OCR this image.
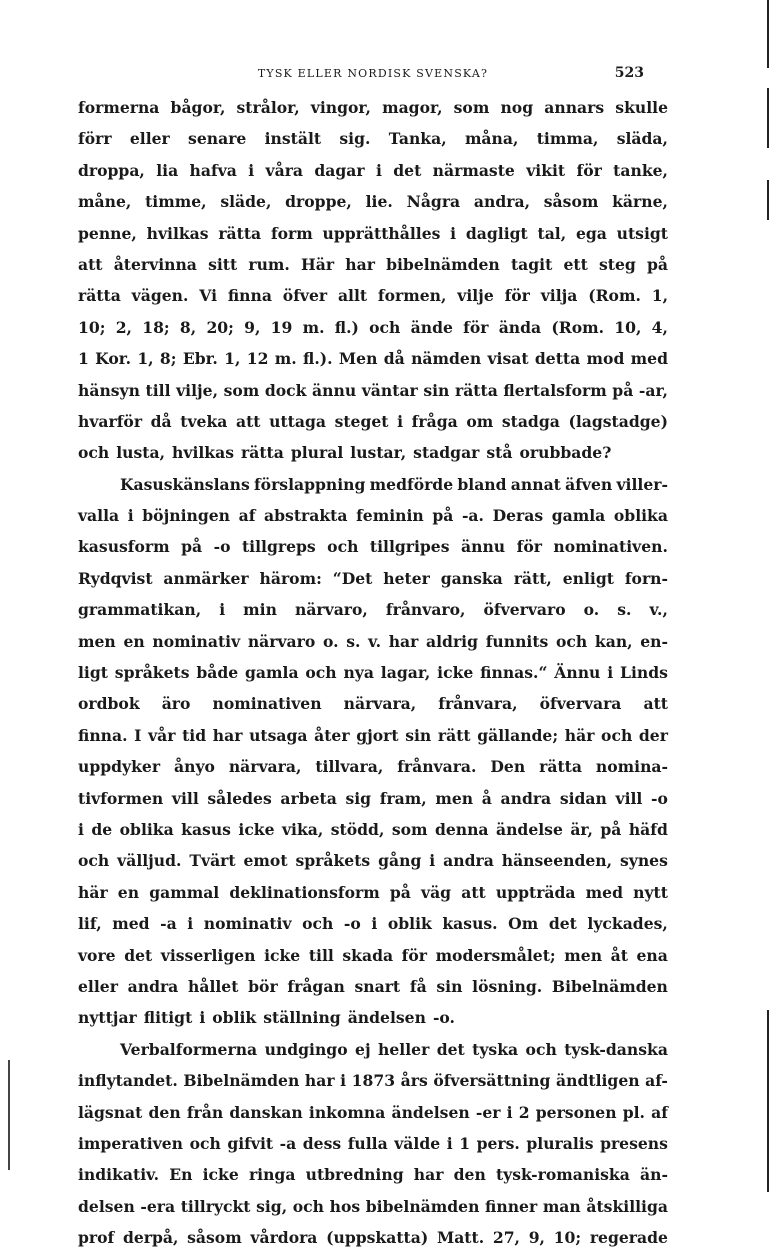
TYSK ELLER NORDISK SVENSKA?	523
formerna bågor, strålor, vingor, magor, som nog annars skulle
förr eller senare instält sig. Tanka, måna, timma, släda,
droppa, lia hafva i våra dagar i det närmaste vikit för tanke,
måne, timme, släde, droppe, lie. Några andra, såsom kärne,
penne, hvilkas rätta form upprätthålles i dagligt tal, ega utsigt
att återvinna sitt rum. Här har bibelnämden tagit ett steg på
rätta vägen. Vi finna öfver allt formen, vilje för vilja (Rom. 1,
10; 2, 18; 8, 20; 9, 19 m. fl.) och ände för ända (Rom. 10, 4,
1 Kor. 1, 8; Ebr. 1, 12 m. fl.). Men då nämden visat detta mod med
hänsyn till vilje, som dock ännu väntar sin rätta flertalsform på -ar,
hvarför då tveka att uttaga steget i fråga om stadga (lagstadge)
och lusta, hvilkas rätta plural lustar, stadgar stå orubbade?
Kasuskänslans förslappning medförde bland annat äfven viller-
valla i böjningen af abstrakta feminin på -a. Deras gamla oblika
kasusform på -o tillgreps och tillgripes ännu för nominativen.
Rydqvist anmärker härom: “Det heter ganska rätt, enligt forn-
grammatikan, i min närvaro, frånvaro, öfvervaro o. s. v.,
men en nominativ närvaro o. s. v. har aldrig funnits och kan, en-
ligt språkets både gamla och nya lagar, icke finnas.“ Ännu i Linds
ordbok äro nominativen närvara, frånvara, öfvervara att
finna. I vår tid har utsaga åter gjort sin rätt gällande; här och der
uppdyker ånyo närvara, tillvara, frånvara. Den rätta nomina-
tivformen vill således arbeta sig fram, men å andra sidan vill -o
i de oblika kasus icke vika, stödd, som denna ändelse är, på häfd
och vällјud. Tvärt emot språkets gång i andra hänseenden, synes
här en gammal deklinationsform på väg att uppträda med nytt
lif, med -a i nominativ och -o i oblik kasus. Om det lyckades,
vore det visserligen icke till skada för modersmålet; men åt ena
eller andra hållet bör frågan snart få sin lösning. Bibelnämden
nyttjar flitigt i oblik ställning ändelsen -o.
Verbalformerna undgingo ej heller det tyska och tysk-danska
inflytandet. Bibelnämden har i 1873 års öfversättning ändtligen af-
lägsnat den från danskan inkomna ändelsen -er i 2 personen pl. af
imperativen och gifvit -a dess fulla välde i 1 pers. pluralis presens
indikativ. En icke ringa utbredning har den tysk-romaniska än-
delsen -era tillryckt sig, och hos bibelnämden finner man åtskilliga
prof derpå, såsom vårdora (uppskatta) Matt. 27, 9, 10; regerade
